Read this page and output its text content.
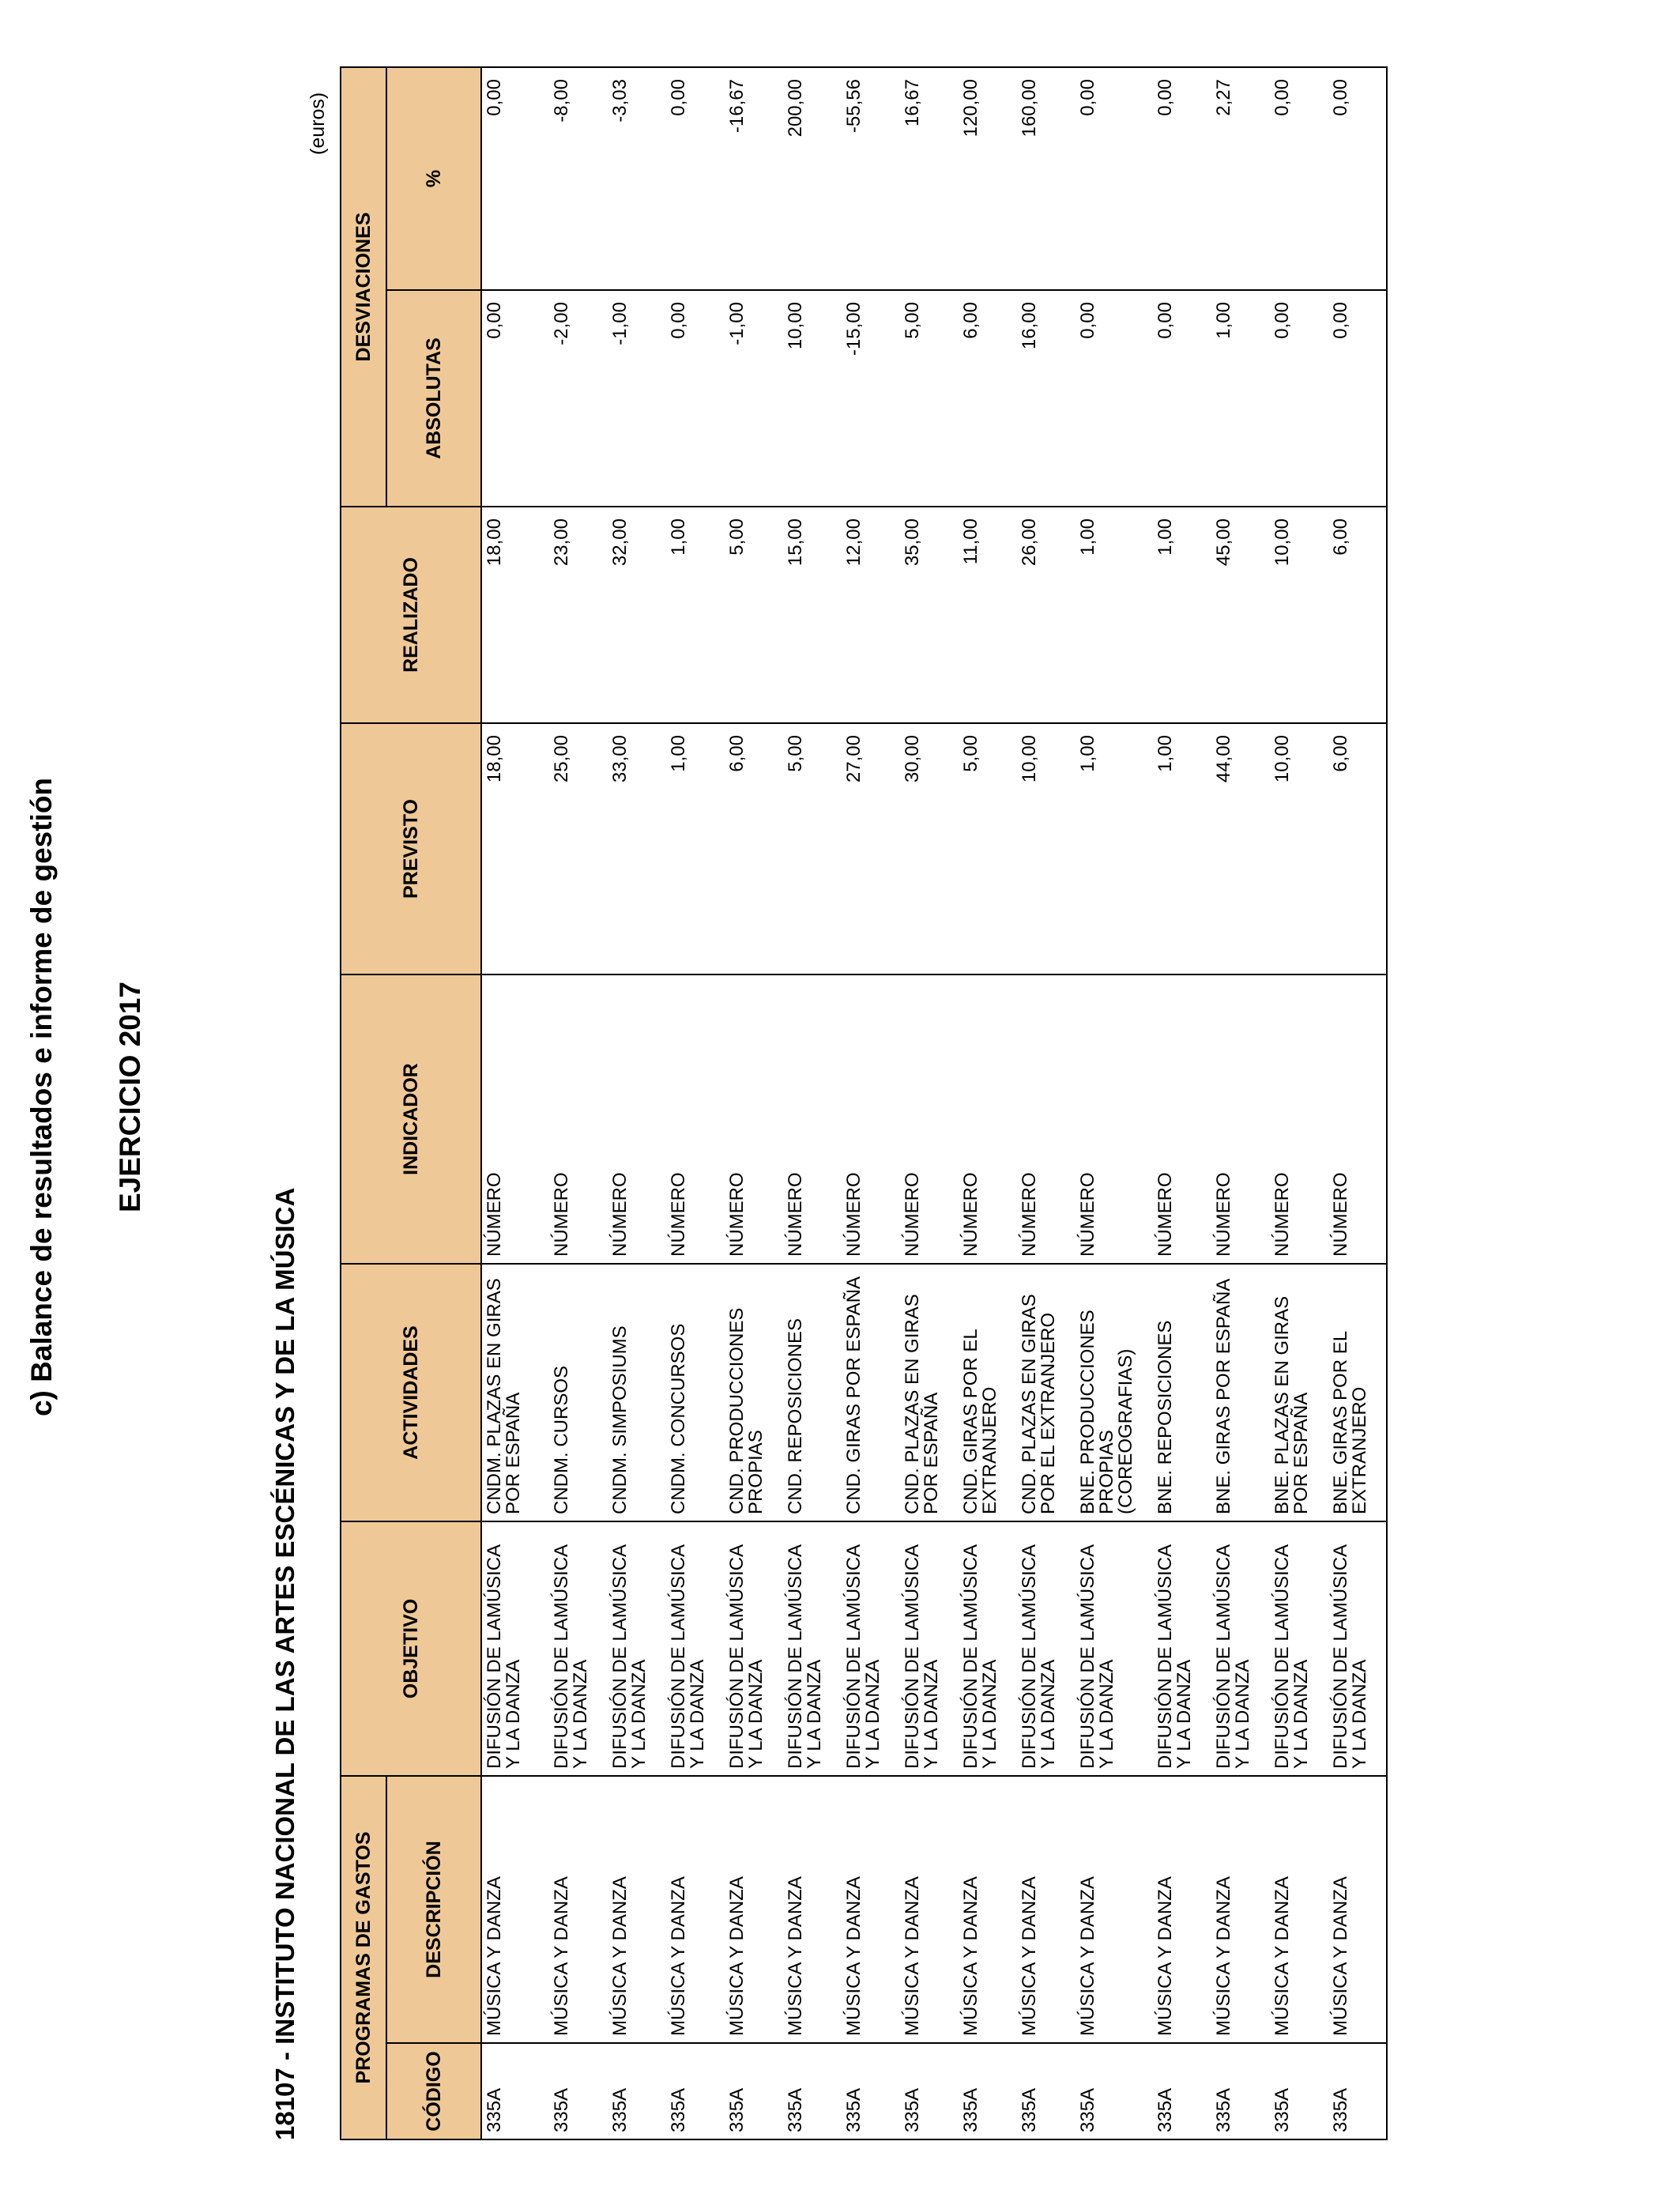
c) Balance de resultados e informe de gestión EJERCICIO 2017
18107 - INSTITUTO NACIONAL DE LAS ARTES ESCÉNICAS Y DE LA MÚSICA
(euros)
PROGRAMAS DE GASTOS		OBJETIVO	ACTIVIDADES	INDICADOR	PREVISTO	REALIZADO	DESVIACIONES	
CÓDIGO	DESCRIPCIÓN						ABSOLUTAS	%
335A	MÚSICA Y DANZA	DIFUSIÓN DE LAMÚSICA Y LA DANZA	CNDM. PLAZAS EN GIRAS POR ESPAÑA	NÚMERO	18,00	18,00	0,00	0,00
335A	MÚSICA Y DANZA	DIFUSIÓN DE LAMÚSICA Y LA DANZA	CNDM. CURSOS	NÚMERO	25,00	23,00	-2,00	-8,00
335A	MÚSICA Y DANZA	DIFUSIÓN DE LAMÚSICA Y LA DANZA	CNDM. SIMPOSIUMS	NÚMERO	33,00	32,00	-1,00	-3,03
335A	MÚSICA Y DANZA	DIFUSIÓN DE LAMÚSICA Y LA DANZA	CNDM. CONCURSOS	NÚMERO	1,00	1,00	0,00	0,00
335A	MÚSICA Y DANZA	DIFUSIÓN DE LAMÚSICA Y LA DANZA	CND. PRODUCCIONES PROPIAS	NÚMERO	6,00	5,00	-1,00	-16,67
335A	MÚSICA Y DANZA	DIFUSIÓN DE LAMÚSICA Y LA DANZA	CND. REPOSICIONES	NÚMERO	5,00	15,00	10,00	200,00
335A	MÚSICA Y DANZA	DIFUSIÓN DE LAMÚSICA Y LA DANZA	CND. GIRAS POR ESPAÑA	NÚMERO	27,00	12,00	-15,00	-55,56
335A	MÚSICA Y DANZA	DIFUSIÓN DE LAMÚSICA Y LA DANZA	CND. PLAZAS EN GIRAS POR ESPAÑA	NÚMERO	30,00	35,00	5,00	16,67
335A	MÚSICA Y DANZA	DIFUSIÓN DE LAMÚSICA Y LA DANZA	CND. GIRAS POR EL EXTRANJERO	NÚMERO	5,00	11,00	6,00	120,00
335A	MÚSICA Y DANZA	DIFUSIÓN DE LAMÚSICA Y LA DANZA	CND. PLAZAS EN GIRAS POR EL EXTRANJERO	NÚMERO	10,00	26,00	16,00	160,00
335A	MÚSICA Y DANZA	DIFUSIÓN DE LAMÚSICA Y LA DANZA	BNE. PRODUCCIONES PROPIAS (COREOGRAFIAS)	NÚMERO	1,00	1,00	0,00	0,00
335A	MÚSICA Y DANZA	DIFUSIÓN DE LAMÚSICA Y LA DANZA	BNE. REPOSICIONES	NÚMERO	1,00	1,00	0,00	0,00
335A	MÚSICA Y DANZA	DIFUSIÓN DE LAMÚSICA Y LA DANZA	BNE. GIRAS POR ESPAÑA	NÚMERO	44,00	45,00	1,00	2,27
335A	MÚSICA Y DANZA	DIFUSIÓN DE LAMÚSICA Y LA DANZA	BNE. PLAZAS EN GIRAS POR ESPAÑA	NÚMERO	10,00	10,00	0,00	0,00
335A	MÚSICA Y DANZA	DIFUSIÓN DE LAMÚSICA Y LA DANZA	BNE. GIRAS POR EL EXTRANJERO	NÚMERO	6,00	6,00	0,00	0,00
